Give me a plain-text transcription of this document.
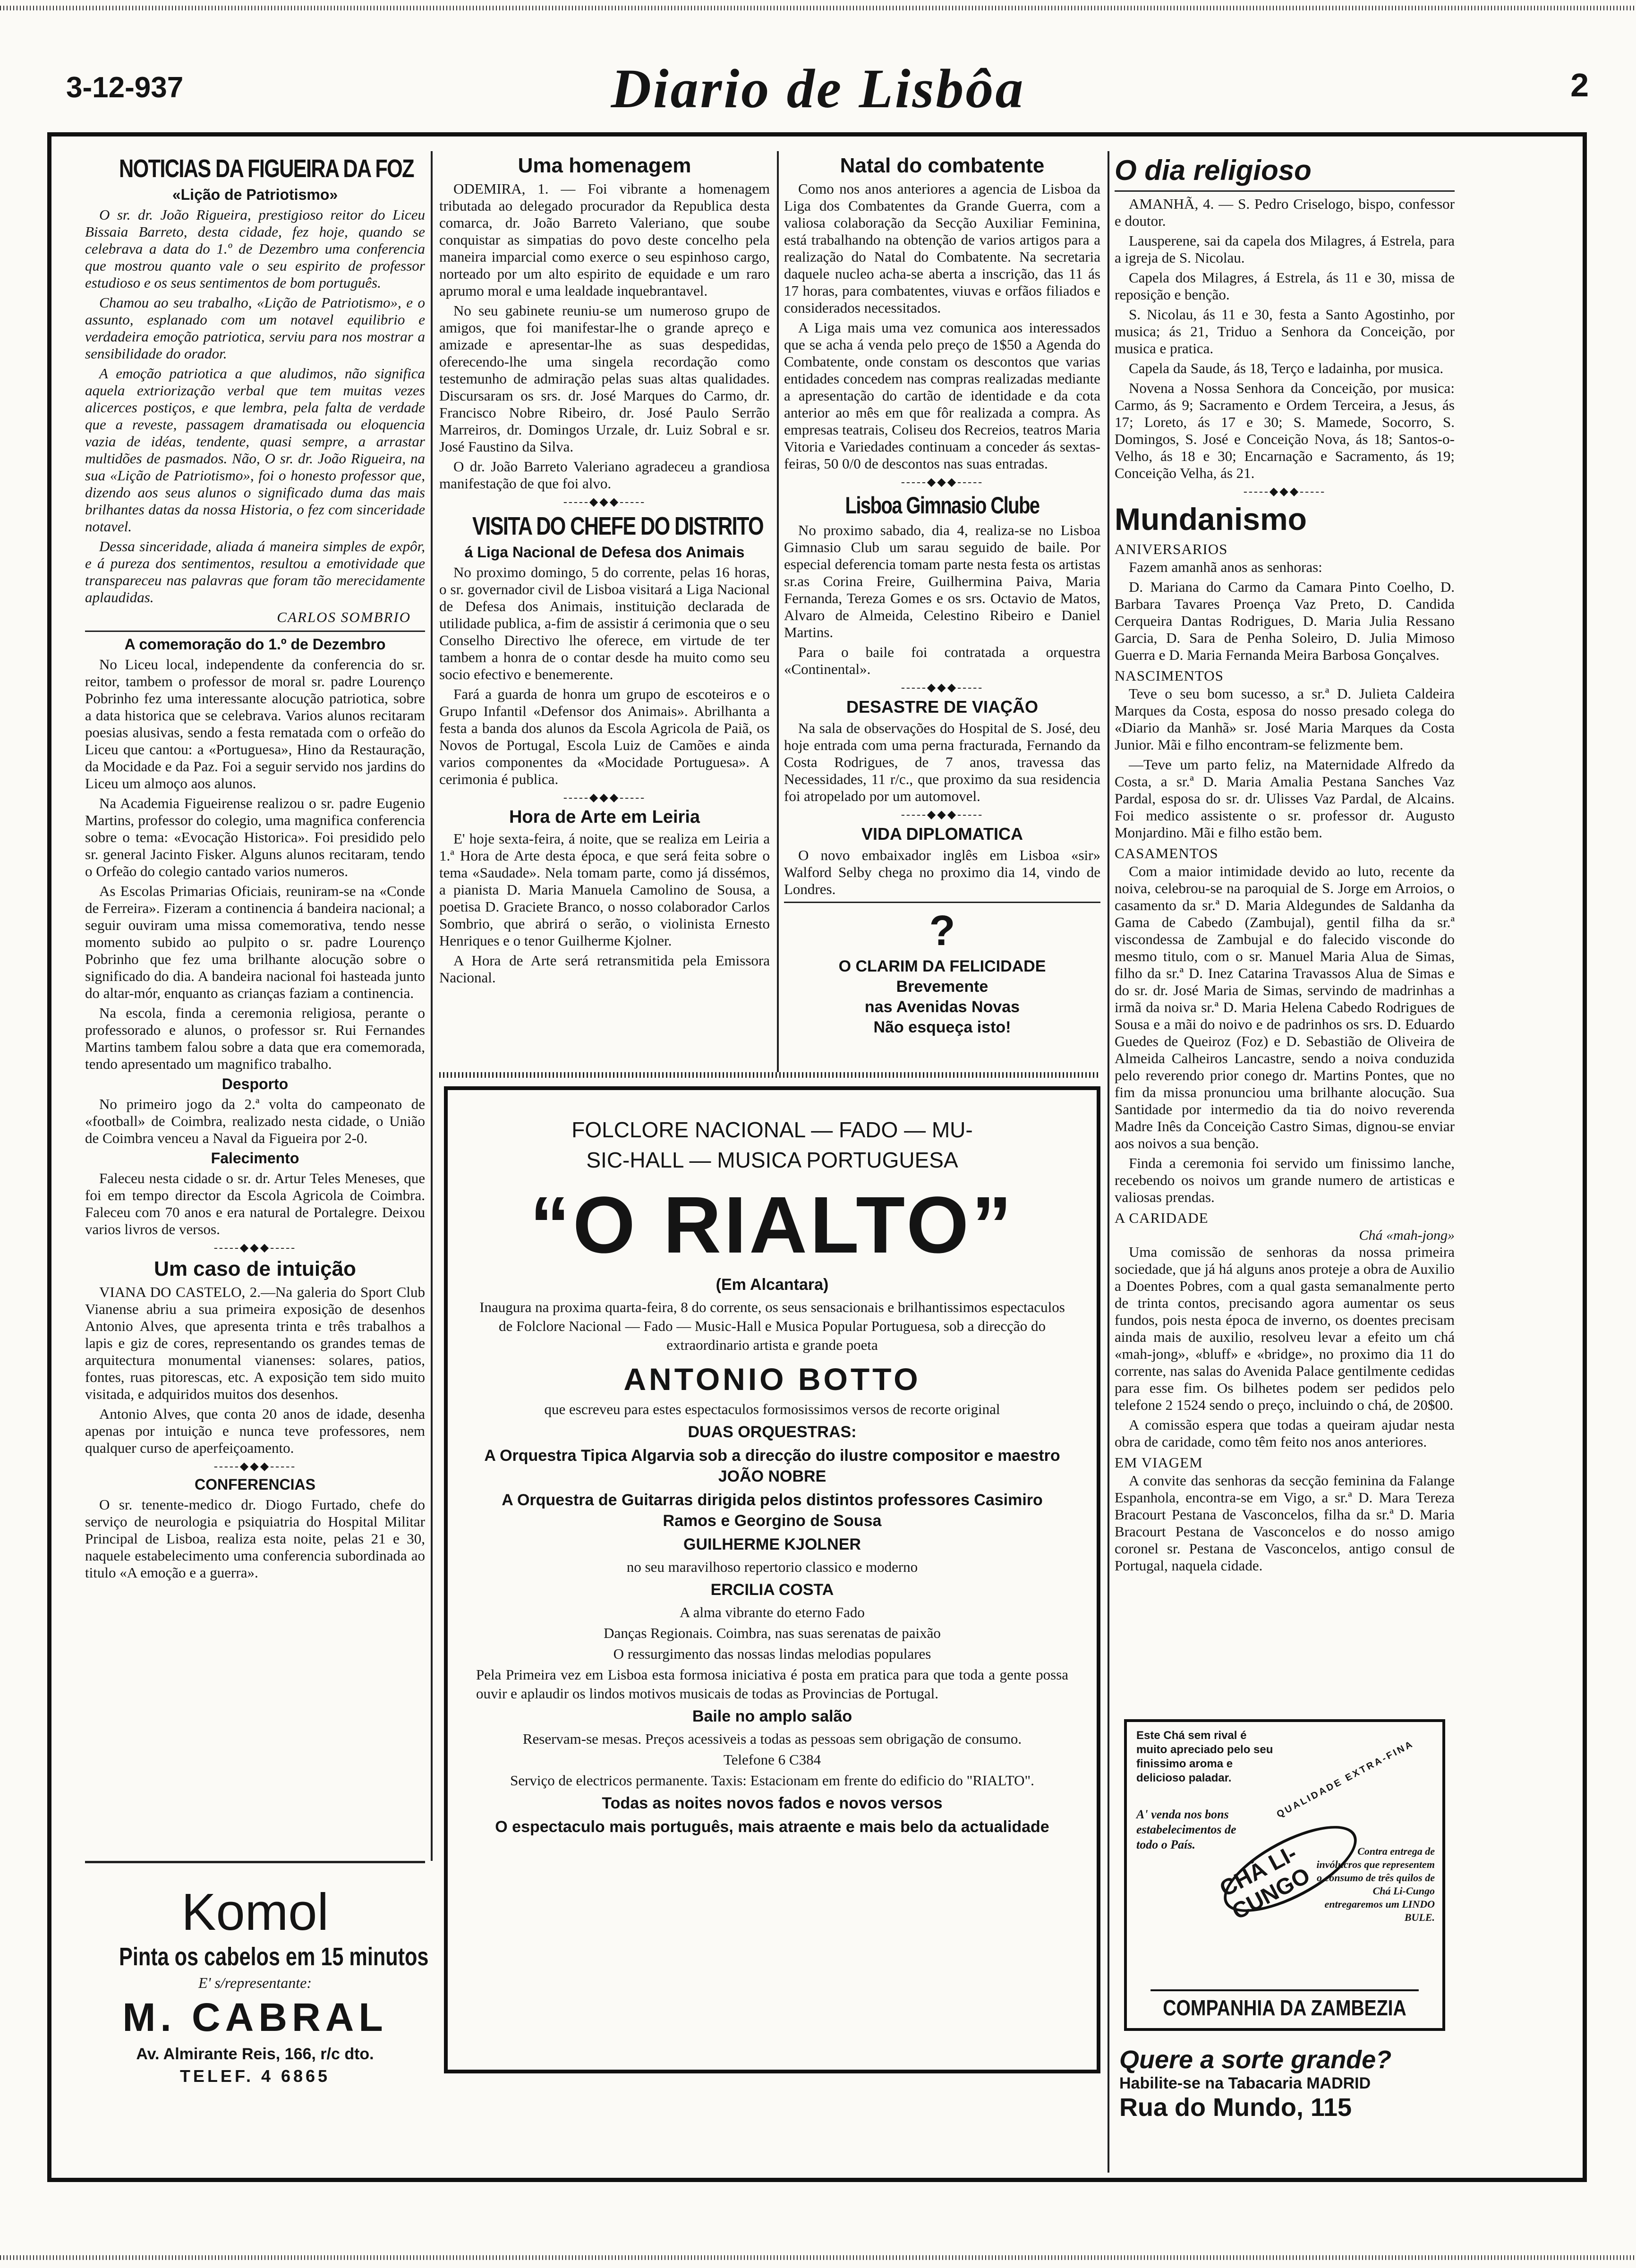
3-12-937	Diario de Lisbôa	2
NOTICIAS DA FIGUEIRA DA FOZ
«Lição de Patriotismo»

O sr. dr. João Rigueira, prestigioso reitor do Liceu Bissaia Barreto, desta cidade, fez hoje, quando se celebrava a data do 1.º de Dezembro uma conferencia que mostrou quanto vale o seu espirito de professor estudioso e os seus sentimentos de bom português.

Chamou ao seu trabalho, «Lição de Patriotismo», e o assunto, esplanado com um notavel equilibrio e verdadeira emoção patriotica, serviu para nos mostrar a sensibilidade do orador.

A emoção patriotica a que aludimos, não significa aquela extriorização verbal que tem muitas vezes alicerces postiços, e que lembra, pela falta de verdade que a reveste, passagem dramatisada ou eloquencia vazia de idéas, tendente, quasi sempre, a arrastar multidões de pasmados. Não, O sr. dr. João Rigueira, na sua «Lição de Patriotismo», foi o honesto professor que, dizendo aos seus alunos o significado duma das mais brilhantes datas da nossa Historia, o fez com sinceridade notavel.

Dessa sinceridade, aliada á maneira simples de expôr, e á pureza dos sentimentos, resultou a emotividade que transpareceu nas palavras que foram tão merecidamente aplaudidas.

CARLOS SOMBRIO
A comemoração do 1.º de Dezembro

No Liceu local, independente da conferencia do sr. reitor, tambem o professor de moral sr. padre Lourenço Pobrinho fez uma interessante alocução patriotica, sobre a data historica que se celebrava. Varios alunos recitaram poesias alusivas, sendo a festa rematada com o orfeão do Liceu que cantou: a «Portuguesa», Hino da Restauração, da Mocidade e da Paz. Foi a seguir servido nos jardins do Liceu um almoço aos alunos.

Na Academia Figueirense realizou o sr. padre Eugenio Martins, professor do colegio, uma magnifica conferencia sobre o tema: «Evocação Historica». Foi presidido pelo sr. general Jacinto Fisker. Alguns alunos recitaram, tendo o Orfeão do colegio cantado varios numeros.

As Escolas Primarias Oficiais, reuniram-se na «Conde de Ferreira». Fizeram a continencia á bandeira nacional; a seguir ouviram uma missa comemorativa, tendo nesse momento subido ao pulpito o sr. padre Lourenço Pobrinho que fez uma brilhante alocução sobre o significado do dia. A bandeira nacional foi hasteada junto do altar-mór, enquanto as crianças faziam a continencia.

Na escola, finda a ceremonia religiosa, perante o professorado e alunos, o professor sr. Rui Fernandes Martins tambem falou sobre a data que era comemorada, tendo apresentado um magnifico trabalho.

Desporto

No primeiro jogo da 2.ª volta do campeonato de «football» de Coimbra, realizado nesta cidade, o União de Coimbra venceu a Naval da Figueira por 2-0.

Falecimento

Faleceu nesta cidade o sr. dr. Artur Teles Meneses, que foi em tempo director da Escola Agricola de Coimbra. Faleceu com 70 anos e era natural de Portalegre. Deixou varios livros de versos.

-----◆◆◆-----
Um caso de intuição

VIANA DO CASTELO, 2.—Na galeria do Sport Club Vianense abriu a sua primeira exposição de desenhos Antonio Alves, que apresenta trinta e três trabalhos a lapis e giz de cores, representando os grandes temas de arquitectura monumental vianenses: solares, patios, fontes, ruas pitorescas, etc. A exposição tem sido muito visitada, e adquiridos muitos dos desenhos.

Antonio Alves, que conta 20 anos de idade, desenha apenas por intuição e nunca teve professores, nem qualquer curso de aperfeiçoamento.

-----◆◆◆-----
CONFERENCIAS

O sr. tenente-medico dr. Diogo Furtado, chefe do serviço de neurologia e psiquiatria do Hospital Militar Principal de Lisboa, realiza esta noite, pelas 21 e 30, naquele estabelecimento uma conferencia subordinada ao titulo «A emoção e a guerra».

Komol
Pinta os cabelos em 15 minutos
E' s/representante:
M. CABRAL
Av. Almirante Reis, 166, r/c dto.
TELEF. 4 6865
Uma homenagem

ODEMIRA, 1. — Foi vibrante a homenagem tributada ao delegado procurador da Republica desta comarca, dr. João Barreto Valeriano, que soube conquistar as simpatias do povo deste concelho pela maneira imparcial como exerce o seu espinhoso cargo, norteado por um alto espirito de equidade e um raro aprumo moral e uma lealdade inquebrantavel.

No seu gabinete reuniu-se um numeroso grupo de amigos, que foi manifestar-lhe o grande apreço e amizade e apresentar-lhe as suas despedidas, oferecendo-lhe uma singela recordação como testemunho de admiração pelas suas altas qualidades. Discursaram os srs. dr. José Marques do Carmo, dr. Francisco Nobre Ribeiro, dr. José Paulo Serrão Marreiros, dr. Domingos Urzale, dr. Luiz Sobral e sr. José Faustino da Silva.

O dr. João Barreto Valeriano agradeceu a grandiosa manifestação de que foi alvo.

-----◆◆◆-----
VISITA DO CHEFE DO DISTRITO
á Liga Nacional de Defesa dos Animais

No proximo domingo, 5 do corrente, pelas 16 horas, o sr. governador civil de Lisboa visitará a Liga Nacional de Defesa dos Animais, instituição declarada de utilidade publica, a-fim de assistir á cerimonia que o seu Conselho Directivo lhe oferece, em virtude de ter tambem a honra de o contar desde ha muito como seu socio efectivo e benemerente.

Fará a guarda de honra um grupo de escoteiros e o Grupo Infantil «Defensor dos Animais». Abrilhanta a festa a banda dos alunos da Escola Agricola de Paiã, os Novos de Portugal, Escola Luiz de Camões e ainda varios componentes da «Mocidade Portuguesa». A cerimonia é publica.

-----◆◆◆-----
Hora de Arte em Leiria

E' hoje sexta-feira, á noite, que se realiza em Leiria a 1.ª Hora de Arte desta época, e que será feita sobre o tema «Saudade». Nela tomam parte, como já dissémos, a pianista D. Maria Manuela Camolino de Sousa, a poetisa D. Graciete Branco, o nosso colaborador Carlos Sombrio, que abrirá o serão, o violinista Ernesto Henriques e o tenor Guilherme Kjolner.

A Hora de Arte será retransmitida pela Emissora Nacional.

Natal do combatente

Como nos anos anteriores a agencia de Lisboa da Liga dos Combatentes da Grande Guerra, com a valiosa colaboração da Secção Auxiliar Feminina, está trabalhando na obtenção de varios artigos para a realização do Natal do Combatente. Na secretaria daquele nucleo acha-se aberta a inscrição, das 11 ás 17 horas, para combatentes, viuvas e orfãos filiados e considerados necessitados.

A Liga mais uma vez comunica aos interessados que se acha á venda pelo preço de 1$50 a Agenda do Combatente, onde constam os descontos que varias entidades concedem nas compras realizadas mediante a apresentação do cartão de identidade e da cota anterior ao mês em que fôr realizada a compra. As empresas teatrais, Coliseu dos Recreios, teatros Maria Vitoria e Variedades continuam a conceder ás sextas-feiras, 50 0/0 de descontos nas suas entradas.

-----◆◆◆-----
Lisboa Gimnasio Clube

No proximo sabado, dia 4, realiza-se no Lisboa Gimnasio Club um sarau seguido de baile. Por especial deferencia tomam parte nesta festa os artistas sr.as Corina Freire, Guilhermina Paiva, Maria Fernanda, Tereza Gomes e os srs. Octavio de Matos, Alvaro de Almeida, Celestino Ribeiro e Daniel Martins.

Para o baile foi contratada a orquestra «Continental».

-----◆◆◆-----
DESASTRE DE VIAÇÃO

Na sala de observações do Hospital de S. José, deu hoje entrada com uma perna fracturada, Fernando da Costa Rodrigues, de 7 anos, travessa das Necessidades, 11 r/c., que proximo da sua residencia foi atropelado por um automovel.

-----◆◆◆-----
VIDA DIPLOMATICA

O novo embaixador inglês em Lisboa «sir» Walford Selby chega no proximo dia 14, vindo de Londres.

?
O CLARIM DA FELICIDADE
Brevemente
nas Avenidas Novas
Não esqueça isto!
O dia religioso

AMANHÃ, 4. — S. Pedro Criselogo, bispo, confessor e doutor.

Lausperene, sai da capela dos Milagres, á Estrela, para a igreja de S. Nicolau.

Capela dos Milagres, á Estrela, ás 11 e 30, missa de reposição e benção.

S. Nicolau, ás 11 e 30, festa a Santo Agostinho, por musica; ás 21, Triduo a Senhora da Conceição, por musica e pratica.

Capela da Saude, ás 18, Terço e ladainha, por musica.

Novena a Nossa Senhora da Conceição, por musica: Carmo, ás 9; Sacramento e Ordem Terceira, a Jesus, ás 17; Loreto, ás 17 e 30; S. Mamede, Socorro, S. Domingos, S. José e Conceição Nova, ás 18; Santos-o-Velho, ás 18 e 30; Encarnação e Sacramento, ás 19; Conceição Velha, ás 21.

-----◆◆◆-----
Mundanismo
ANIVERSARIOS

Fazem amanhã anos as senhoras:

D. Mariana do Carmo da Camara Pinto Coelho, D. Barbara Tavares Proença Vaz Preto, D. Candida Cerqueira Dantas Rodrigues, D. Maria Julia Ressano Garcia, D. Sara de Penha Soleiro, D. Julia Mimoso Guerra e D. Maria Fernanda Meira Barbosa Gonçalves.

NASCIMENTOS

Teve o seu bom sucesso, a sr.ª D. Julieta Caldeira Marques da Costa, esposa do nosso presado colega do «Diario da Manhã» sr. José Maria Marques da Costa Junior. Mãi e filho encontram-se felizmente bem.

—Teve um parto feliz, na Maternidade Alfredo da Costa, a sr.ª D. Maria Amalia Pestana Sanches Vaz Pardal, esposa do sr. dr. Ulisses Vaz Pardal, de Alcains. Foi medico assistente o sr. professor dr. Augusto Monjardino. Mãi e filho estão bem.

CASAMENTOS

Com a maior intimidade devido ao luto, recente da noiva, celebrou-se na paroquial de S. Jorge em Arroios, o casamento da sr.ª D. Maria Aldegundes de Saldanha da Gama de Cabedo (Zambujal), gentil filha da sr.ª viscondessa de Zambujal e do falecido visconde do mesmo titulo, com o sr. Manuel Maria Alua de Simas, filho da sr.ª D. Inez Catarina Travassos Alua de Simas e do sr. dr. José Maria de Simas, servindo de madrinhas a irmã da noiva sr.ª D. Maria Helena Cabedo Rodrigues de Sousa e a mãi do noivo e de padrinhos os srs. D. Eduardo Guedes de Queiroz (Foz) e D. Sebastião de Oliveira de Almeida Calheiros Lancastre, sendo a noiva conduzida pelo reverendo prior conego dr. Martins Pontes, que no fim da missa pronunciou uma brilhante alocução. Sua Santidade por intermedio da tia do noivo reverenda Madre Inês da Conceição Castro Simas, dignou-se enviar aos noivos a sua benção.

Finda a ceremonia foi servido um finissimo lanche, recebendo os noivos um grande numero de artisticas e valiosas prendas.

A CARIDADE
Chá «mah-jong»

Uma comissão de senhoras da nossa primeira sociedade, que já há alguns anos proteje a obra de Auxilio a Doentes Pobres, com a qual gasta semanalmente perto de trinta contos, precisando agora aumentar os seus fundos, pois nesta época de inverno, os doentes precisam ainda mais de auxilio, resolveu levar a efeito um chá «mah-jong», «bluff» e «bridge», no proximo dia 11 do corrente, nas salas do Avenida Palace gentilmente cedidas para esse fim. Os bilhetes podem ser pedidos pelo telefone 2 1524 sendo o preço, incluindo o chá, de 20$00.

A comissão espera que todas a queiram ajudar nesta obra de caridade, como têm feito nos anos anteriores.

EM VIAGEM

A convite das senhoras da secção feminina da Falange Espanhola, encontra-se em Vigo, a sr.ª D. Mara Tereza Bracourt Pestana de Vasconcelos, filha da sr.ª D. Maria Bracourt Pestana de Vasconcelos e do nosso amigo coronel sr. Pestana de Vasconcelos, antigo consul de Portugal, naquela cidade.

FOLCLORE NACIONAL — FADO — MU-
SIC-HALL — MUSICA PORTUGUESA
“O RIALTO”
(Em Alcantara)
Inaugura na proxima quarta-feira, 8 do corrente, os seus sensacionais e brilhantissimos espectaculos de Folclore Nacional — Fado — Music-Hall e Musica Popular Portuguesa, sob a direcção do extraordinario artista e grande poeta
ANTONIO BOTTO
que escreveu para estes espectaculos formosissimos versos de recorte original
DUAS ORQUESTRAS:
A Orquestra Tipica Algarvia sob a direcção do ilustre compositor e maestro JOÃO NOBRE
A Orquestra de Guitarras dirigida pelos distintos professores Casimiro Ramos e Georgino de Sousa
GUILHERME KJOLNER
no seu maravilhoso repertorio classico e moderno
ERCILIA COSTA
A alma vibrante do eterno Fado
Danças Regionais. Coimbra, nas suas serenatas de paixão
O ressurgimento das nossas lindas melodias populares
Pela Primeira vez em Lisboa esta formosa iniciativa é posta em pratica para que toda a gente possa ouvir e aplaudir os lindos motivos musicais de todas as Provincias de Portugal.
Baile no amplo salão
Reservam-se mesas. Preços acessiveis a todas as pessoas sem obrigação de consumo.
Telefone 6 C384
Serviço de electricos permanente. Taxis: Estacionam em frente do edificio do "RIALTO".
Todas as noites novos fados e novos versos
O espectaculo mais português, mais atraente e mais belo da actualidade
Este Chá sem rival é muito apreciado pelo seu finissimo aroma e delicioso paladar.
A' venda nos bons estabelecimentos de todo o País. CHÁ LI-CUNGO
QUALIDADE EXTRA-FINA
Contra entrega de invólucros que representem o consumo de três quilos de Chá Li-Cungo entregaremos um LINDO BULE.
COMPANHIA DA ZAMBEZIA
Quere a sorte grande?
Habilite-se na Tabacaria MADRID
Rua do Mundo, 115
